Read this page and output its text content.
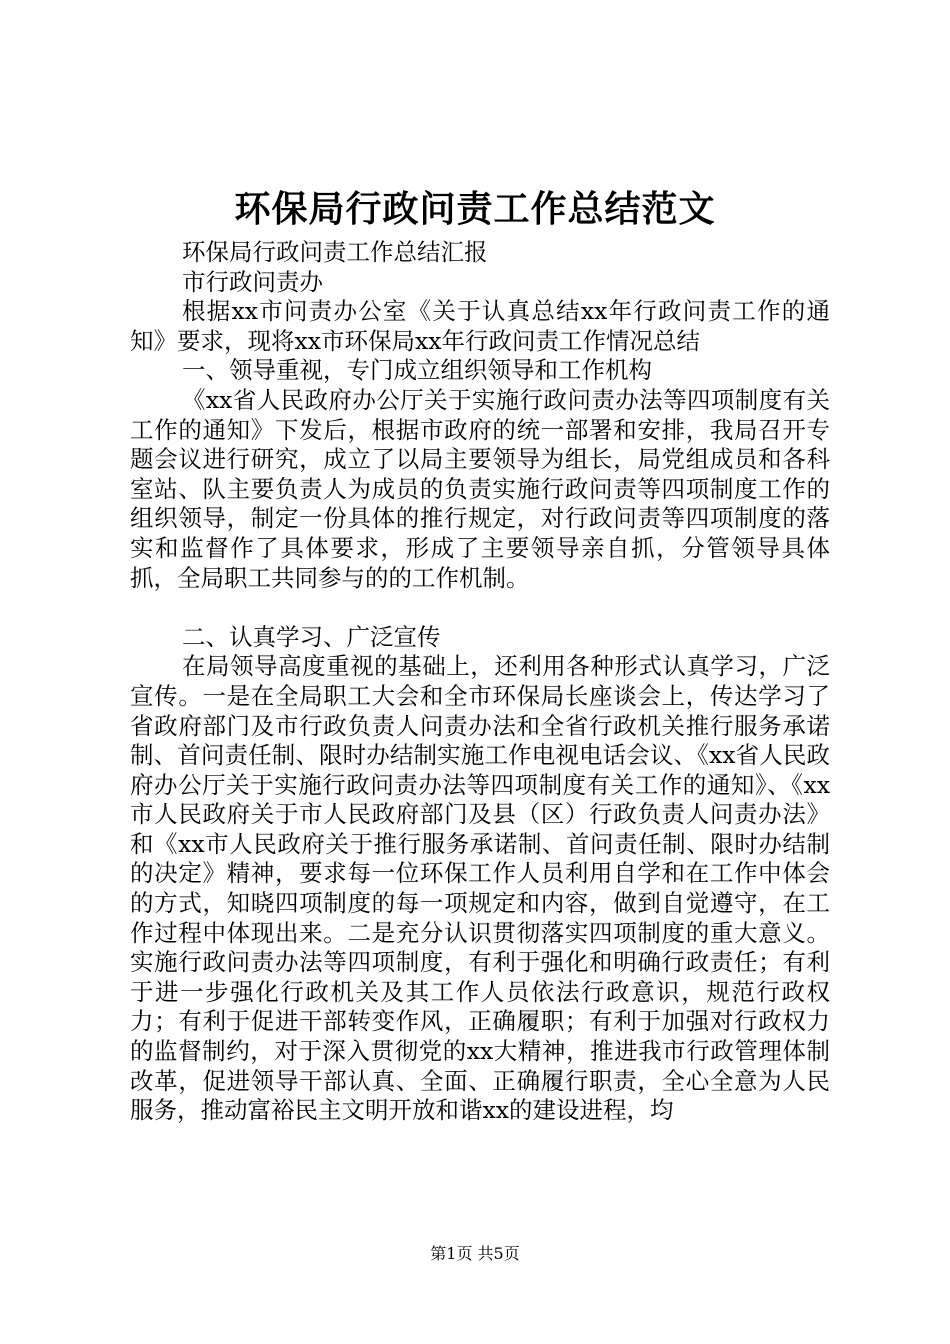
环保局行政问责工作总结范文

环保局行政问责工作总结汇报

市行政问责办

根据xx市问责办公室《关于认真总结xx年行政问责工作的通知》要求，现将xx市环保局xx年行政问责工作情况总结

一、领导重视，专门成立组织领导和工作机构

《xx省人民政府办公厅关于实施行政问责办法等四项制度有关工作的通知》下发后，根据市政府的统一部署和安排，我局召开专题会议进行研究，成立了以局主要领导为组长，局党组成员和各科室站、队主要负责人为成员的负责实施行政问责等四项制度工作的组织领导，制定一份具体的推行规定，对行政问责等四项制度的落实和监督作了具体要求，形成了主要领导亲自抓，分管领导具体抓，全局职工共同参与的的工作机制。

二、认真学习、广泛宣传

在局领导高度重视的基础上，还利用各种形式认真学习，广泛宣传。一是在全局职工大会和全市环保局长座谈会上，传达学习了省政府部门及市行政负责人问责办法和全省行政机关推行服务承诺制、首问责任制、限时办结制实施工作电视电话会议、《xx省人民政府办公厅关于实施行政问责办法等四项制度有关工作的通知》、《xx市人民政府关于市人民政府部门及县（区）行政负责人问责办法》和《xx市人民政府关于推行服务承诺制、首问责任制、限时办结制的决定》精神，要求每一位环保工作人员利用自学和在工作中体会的方式，知晓四项制度的每一项规定和内容，做到自觉遵守，在工作过程中体现出来。二是充分认识贯彻落实四项制度的重大意义。实施行政问责办法等四项制度，有利于强化和明确行政责任；有利于进一步强化行政机关及其工作人员依法行政意识，规范行政权力；有利于促进干部转变作风，正确履职；有利于加强对行政权力的监督制约，对于深入贯彻党的xx大精神，推进我市行政管理体制改革，促进领导干部认真、全面、正确履行职责，全心全意为人民服务，推动富裕民主文明开放和谐xx的建设进程，均

第1页 共5页
